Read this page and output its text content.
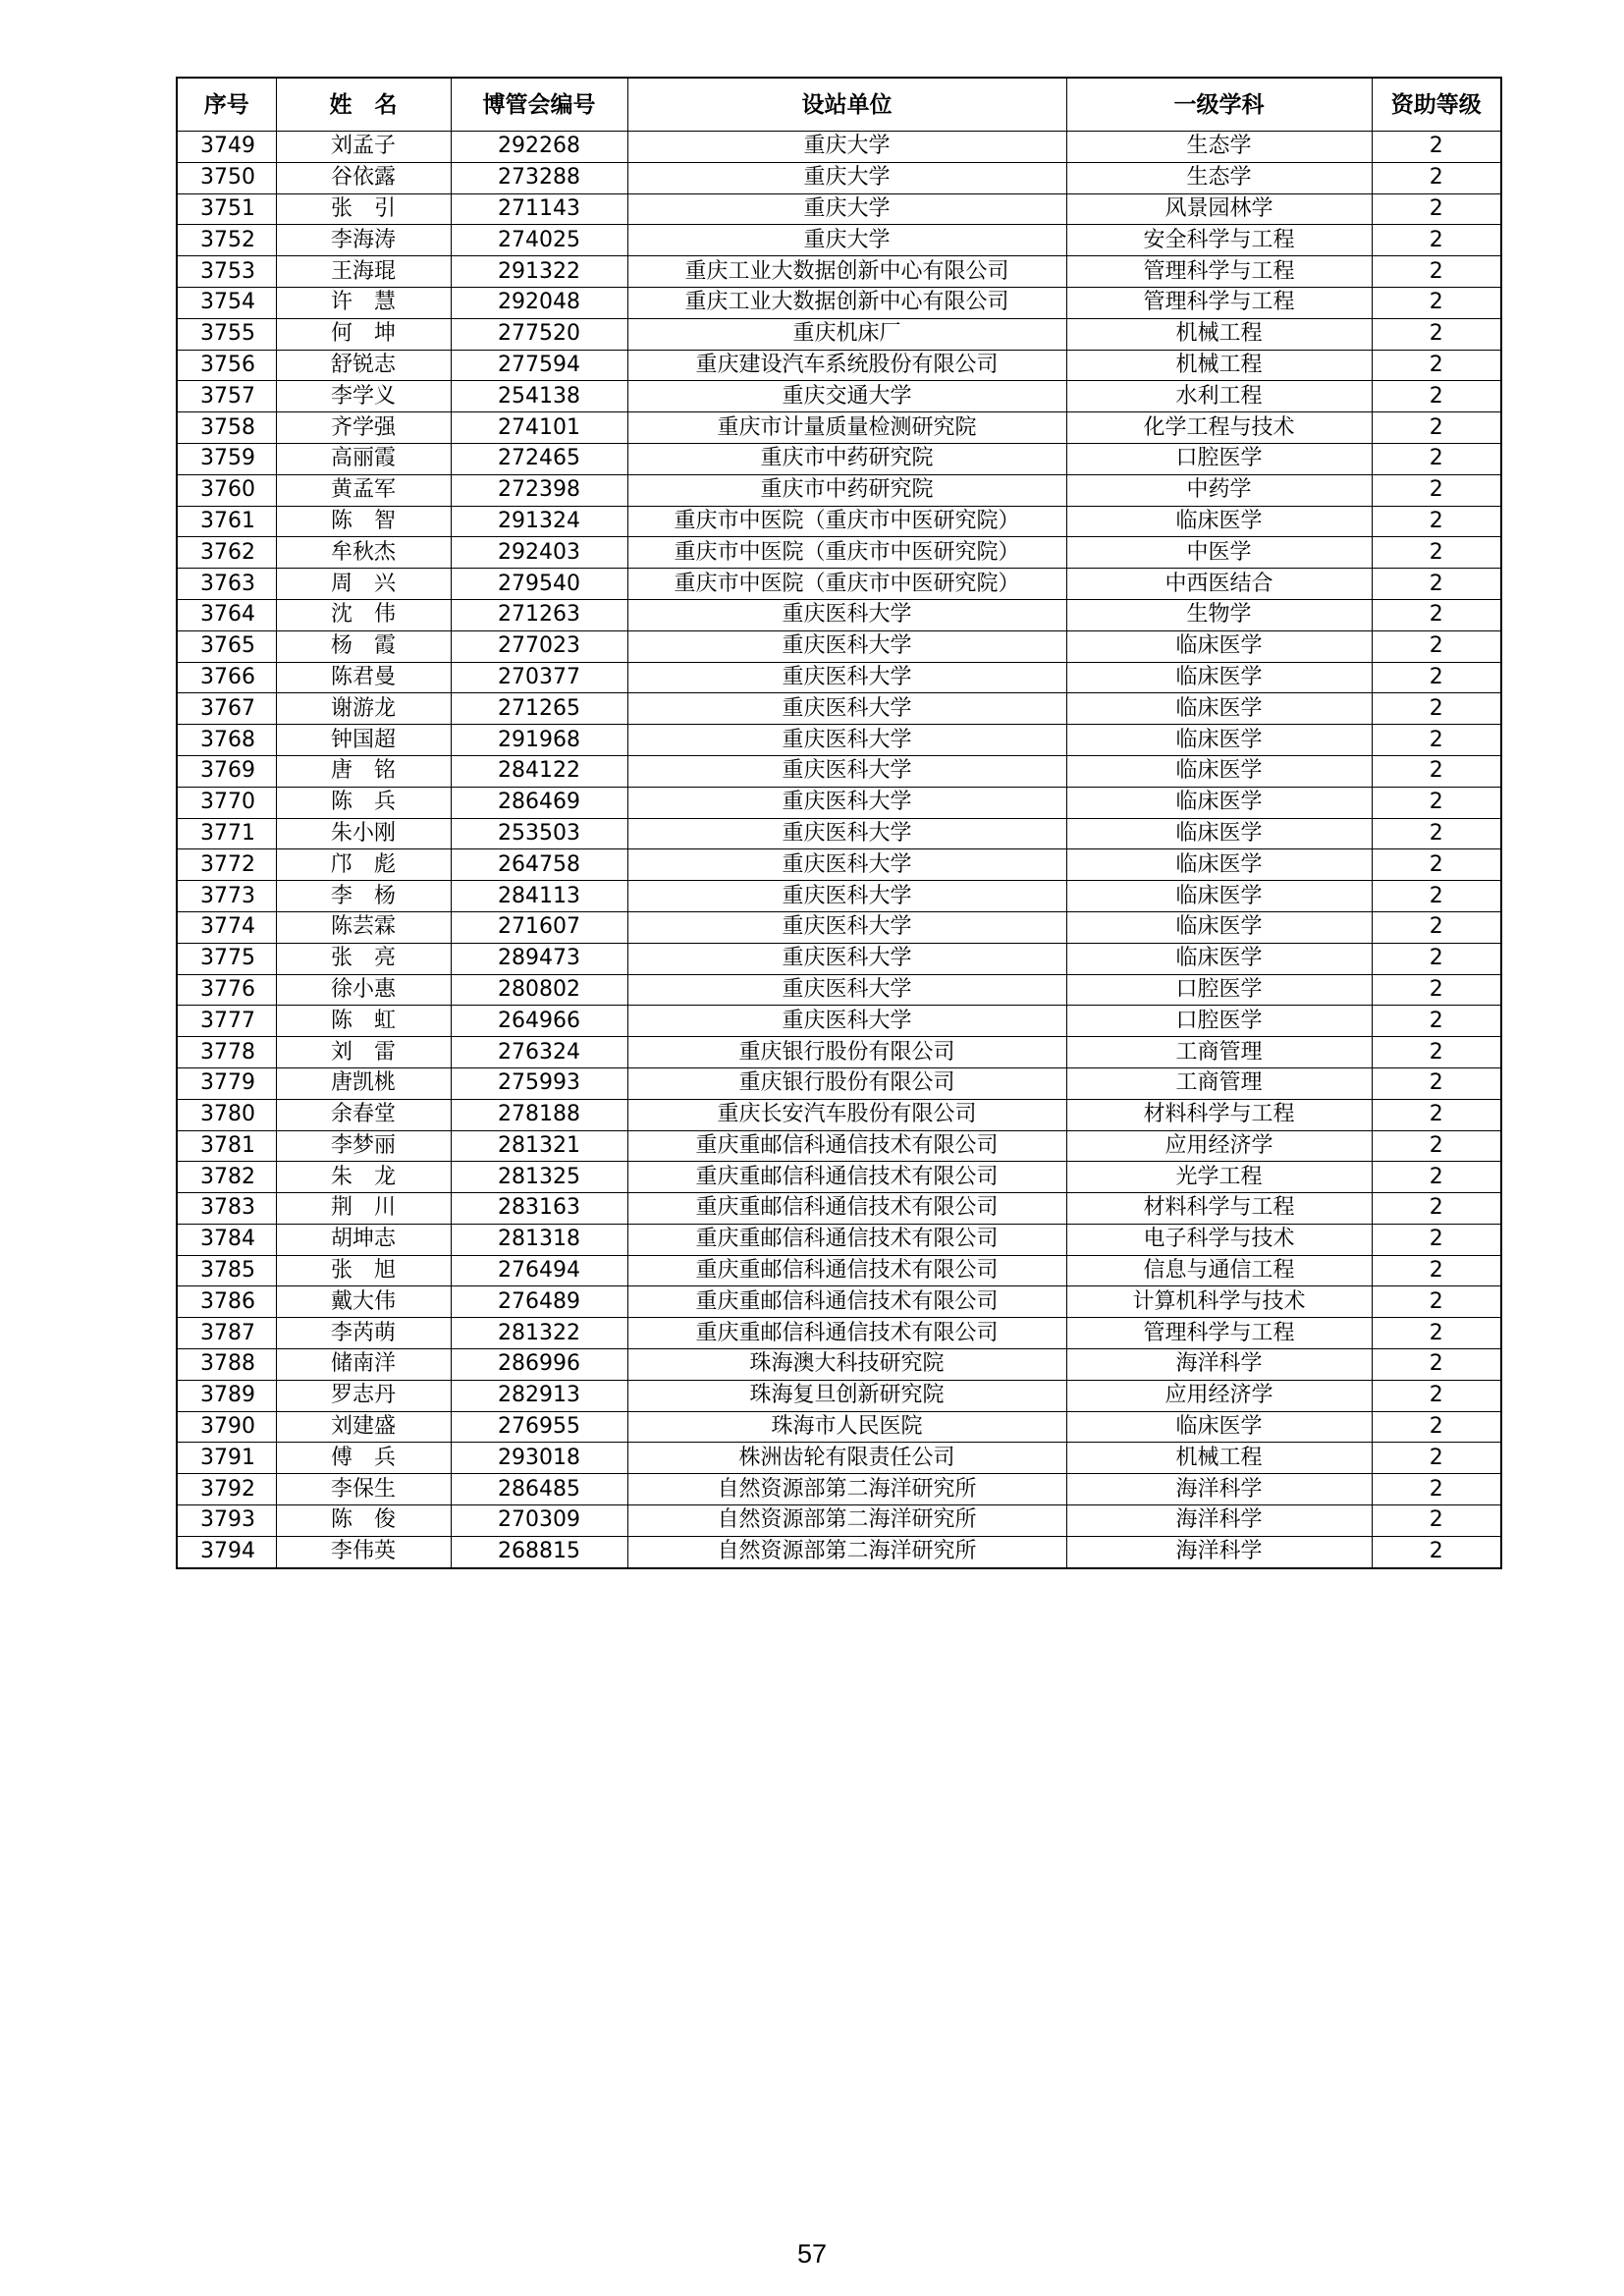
序号	姓　名	博管会编号	设站单位	一级学科	资助等级
3749	刘孟子	292268	重庆大学	生态学	2
3750	谷依露	273288	重庆大学	生态学	2
3751	张　引	271143	重庆大学	风景园林学	2
3752	李海涛	274025	重庆大学	安全科学与工程	2
3753	王海琨	291322	重庆工业大数据创新中心有限公司	管理科学与工程	2
3754	许　慧	292048	重庆工业大数据创新中心有限公司	管理科学与工程	2
3755	何　坤	277520	重庆机床厂	机械工程	2
3756	舒锐志	277594	重庆建设汽车系统股份有限公司	机械工程	2
3757	李学义	254138	重庆交通大学	水利工程	2
3758	齐学强	274101	重庆市计量质量检测研究院	化学工程与技术	2
3759	高丽霞	272465	重庆市中药研究院	口腔医学	2
3760	黄孟军	272398	重庆市中药研究院	中药学	2
3761	陈　智	291324	重庆市中医院（重庆市中医研究院）	临床医学	2
3762	牟秋杰	292403	重庆市中医院（重庆市中医研究院）	中医学	2
3763	周　兴	279540	重庆市中医院（重庆市中医研究院）	中西医结合	2
3764	沈　伟	271263	重庆医科大学	生物学	2
3765	杨　霞	277023	重庆医科大学	临床医学	2
3766	陈君曼	270377	重庆医科大学	临床医学	2
3767	谢游龙	271265	重庆医科大学	临床医学	2
3768	钟国超	291968	重庆医科大学	临床医学	2
3769	唐　铭	284122	重庆医科大学	临床医学	2
3770	陈　兵	286469	重庆医科大学	临床医学	2
3771	朱小刚	253503	重庆医科大学	临床医学	2
3772	邝　彪	264758	重庆医科大学	临床医学	2
3773	李　杨	284113	重庆医科大学	临床医学	2
3774	陈芸霖	271607	重庆医科大学	临床医学	2
3775	张　亮	289473	重庆医科大学	临床医学	2
3776	徐小惠	280802	重庆医科大学	口腔医学	2
3777	陈　虹	264966	重庆医科大学	口腔医学	2
3778	刘　雷	276324	重庆银行股份有限公司	工商管理	2
3779	唐凯桃	275993	重庆银行股份有限公司	工商管理	2
3780	余春堂	278188	重庆长安汽车股份有限公司	材料科学与工程	2
3781	李梦丽	281321	重庆重邮信科通信技术有限公司	应用经济学	2
3782	朱　龙	281325	重庆重邮信科通信技术有限公司	光学工程	2
3783	荆　川	283163	重庆重邮信科通信技术有限公司	材料科学与工程	2
3784	胡坤志	281318	重庆重邮信科通信技术有限公司	电子科学与技术	2
3785	张　旭	276494	重庆重邮信科通信技术有限公司	信息与通信工程	2
3786	戴大伟	276489	重庆重邮信科通信技术有限公司	计算机科学与技术	2
3787	李芮萌	281322	重庆重邮信科通信技术有限公司	管理科学与工程	2
3788	储南洋	286996	珠海澳大科技研究院	海洋科学	2
3789	罗志丹	282913	珠海复旦创新研究院	应用经济学	2
3790	刘建盛	276955	珠海市人民医院	临床医学	2
3791	傅　兵	293018	株洲齿轮有限责任公司	机械工程	2
3792	李保生	286485	自然资源部第二海洋研究所	海洋科学	2
3793	陈　俊	270309	自然资源部第二海洋研究所	海洋科学	2
3794	李伟英	268815	自然资源部第二海洋研究所	海洋科学	2
57
